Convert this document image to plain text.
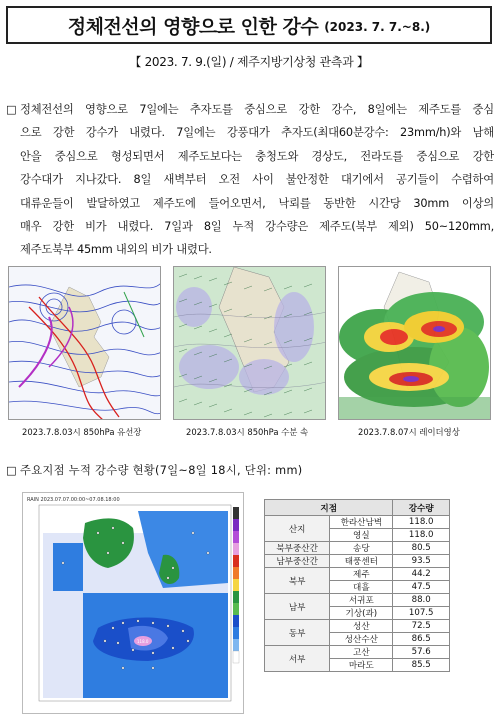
정체전선의 영향으로 인한 강수 (2023. 7. 7.~8.)
【 2023. 7. 9.(일) / 제주지방기상청 관측과 】
□ 정체전선의 영향으로 7일에는 추자도를 중심으로 강한 강수, 8일에는 제주도를 중심
으로 강한 강수가 내렸다. 7일에는 강풍대가 추자도(최대60분강수: 23mm/h)와 남해
안을 중심으로 형성되면서 제주도보다는 충청도와 경상도, 전라도를 중심으로 강한
강수대가 지나갔다. 8일 새벽부터 오전 사이 불안정한 대기에서 공기들이 수렴하여
대류운들이 발달하였고 제주도에 들어오면서, 낙뢰를 동반한 시간당 30mm 이상의
매우 강한 비가 내렸다. 7일과 8일 누적 강수량은 제주도(북부 제외) 50~120mm,
제주도북부 45mm 내외의 비가 내렸다.
2023.7.8.03시 850hPa 유선장	2023.7.8.03시 850hPa 수분 속	2023.7.8.07시 레이더영상
□ 주요지점 누적 강수량 현황(7일~8일 18시, 단위: mm)
RAIN 2023.07.07.00:00~07.08.18:00
118.0
지점		강수량
산지	한라산남벽	118.0
	영실	118.0
북부중산간	송당	80.5
남부중산간	태풍센터	93.5
북부	제주	44.2
	대흘	47.5
남부	서귀포	88.0
	기상(과)	107.5
동부	성산	72.5
	성산수산	86.5
서부	고산	57.6
	마라도	85.5
